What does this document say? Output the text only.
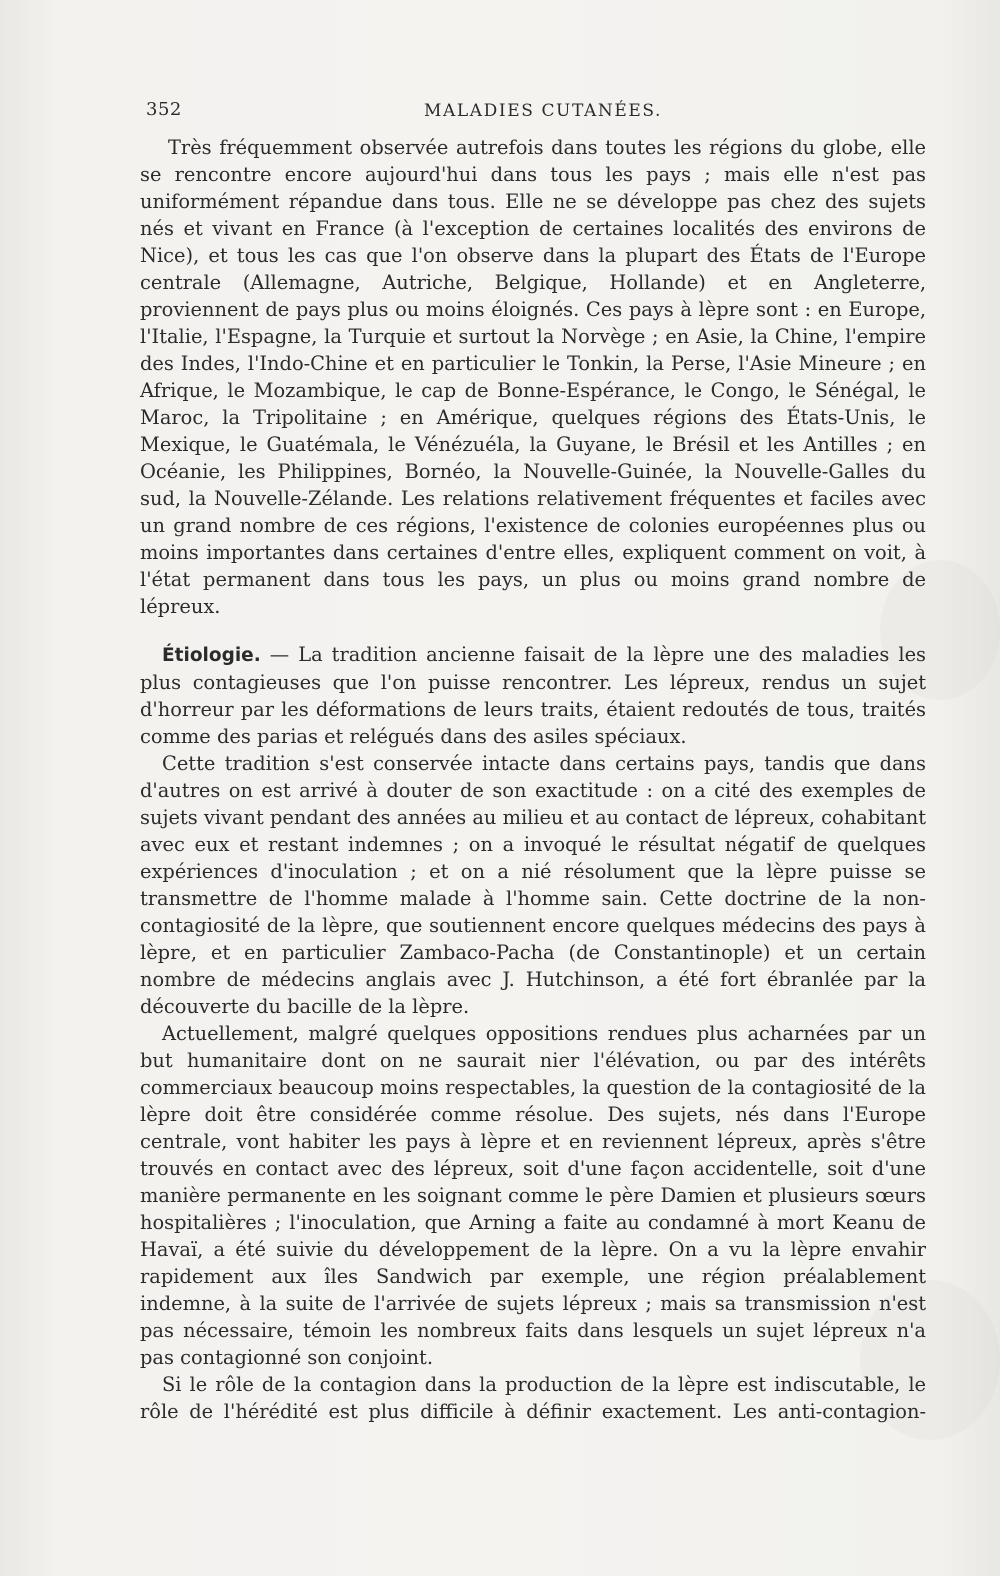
352	MALADIES CUTANÉES.

Très fréquemment observée autrefois dans toutes les régions du globe, elle se rencontre encore aujourd'hui dans tous les pays ; mais elle n'est pas uniformément répandue dans tous. Elle ne se développe pas chez des sujets nés et vivant en France (à l'exception de certaines localités des environs de Nice), et tous les cas que l'on observe dans la plupart des États de l'Europe centrale (Allemagne, Autriche, Belgique, Hollande) et en Angleterre, proviennent de pays plus ou moins éloignés. Ces pays à lèpre sont : en Europe, l'Italie, l'Espagne, la Turquie et surtout la Norvège ; en Asie, la Chine, l'empire des Indes, l'Indo-Chine et en particulier le Tonkin, la Perse, l'Asie Mineure ; en Afrique, le Mozambique, le cap de Bonne-Espérance, le Congo, le Sénégal, le Maroc, la Tripolitaine ; en Amérique, quelques régions des États-Unis, le Mexique, le Guatémala, le Vénézuéla, la Guyane, le Brésil et les Antilles ; en Océanie, les Philippines, Bornéo, la Nouvelle-Guinée, la Nouvelle-Galles du sud, la Nouvelle-Zélande. Les relations relativement fréquentes et faciles avec un grand nombre de ces régions, l'existence de colonies européennes plus ou moins importantes dans certaines d'entre elles, expliquent comment on voit, à l'état permanent dans tous les pays, un plus ou moins grand nombre de lépreux.

Étiologie. — La tradition ancienne faisait de la lèpre une des maladies les plus contagieuses que l'on puisse rencontrer. Les lépreux, rendus un sujet d'horreur par les déformations de leurs traits, étaient redoutés de tous, traités comme des parias et relégués dans des asiles spéciaux.

Cette tradition s'est conservée intacte dans certains pays, tandis que dans d'autres on est arrivé à douter de son exactitude : on a cité des exemples de sujets vivant pendant des années au milieu et au contact de lépreux, cohabitant avec eux et restant indemnes ; on a invoqué le résultat négatif de quelques expériences d'inoculation ; et on a nié résolument que la lèpre puisse se transmettre de l'homme malade à l'homme sain. Cette doctrine de la non-contagiosité de la lèpre, que soutiennent encore quelques médecins des pays à lèpre, et en particulier Zambaco-Pacha (de Constantinople) et un certain nombre de médecins anglais avec J. Hutchinson, a été fort ébranlée par la découverte du bacille de la lèpre.

Actuellement, malgré quelques oppositions rendues plus acharnées par un but humanitaire dont on ne saurait nier l'élévation, ou par des intérêts commerciaux beaucoup moins respectables, la question de la contagiosité de la lèpre doit être considérée comme résolue. Des sujets, nés dans l'Europe centrale, vont habiter les pays à lèpre et en reviennent lépreux, après s'être trouvés en contact avec des lépreux, soit d'une façon accidentelle, soit d'une manière permanente en les soignant comme le père Damien et plusieurs sœurs hospitalières ; l'inoculation, que Arning a faite au condamné à mort Keanu de Havaï, a été suivie du développement de la lèpre. On a vu la lèpre envahir rapidement aux îles Sandwich par exemple, une région préalablement indemne, à la suite de l'arrivée de sujets lépreux ; mais sa transmission n'est pas nécessaire, témoin les nombreux faits dans lesquels un sujet lépreux n'a pas contagionné son conjoint.

Si le rôle de la contagion dans la production de la lèpre est indiscutable, le rôle de l'hérédité est plus difficile à définir exactement. Les anti-contagion-
